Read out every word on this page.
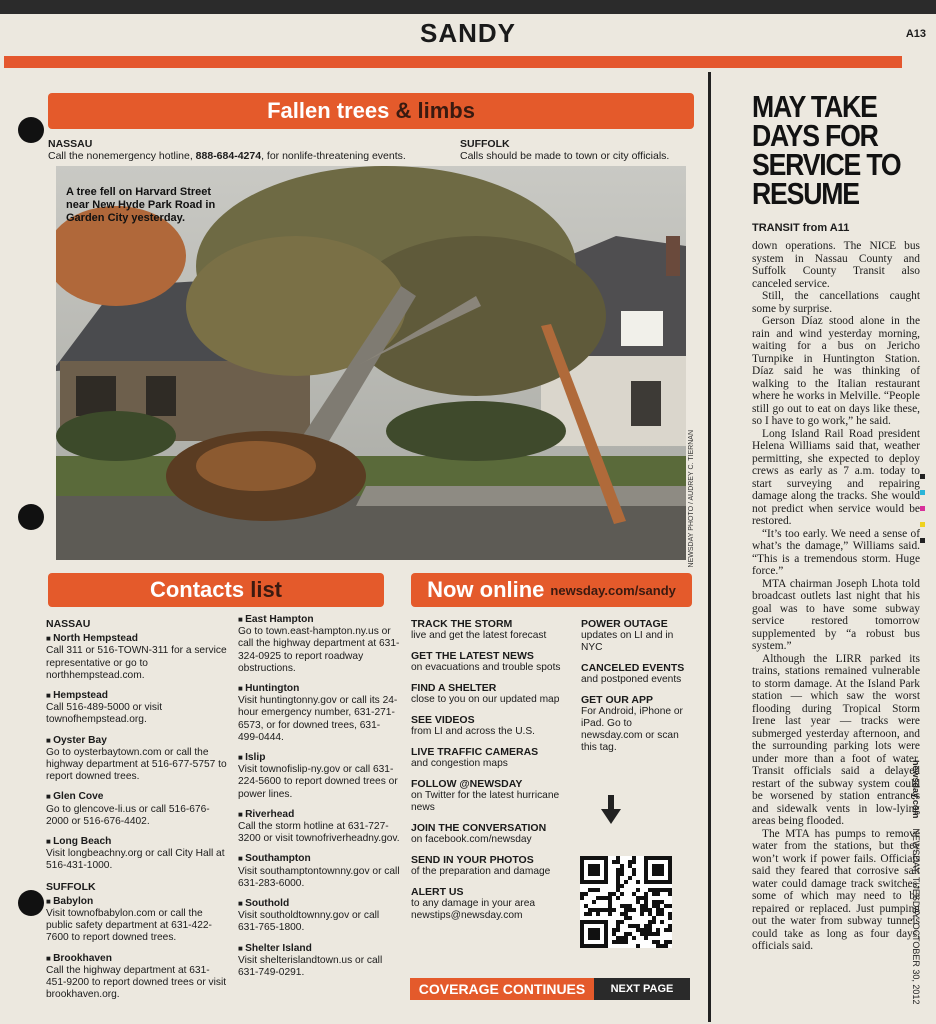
SANDY	A13
Fallen trees
& limbs
NASSAU
Call the nonemergency hotline, 888-684-4274, for nonlife-threatening events.
SUFFOLK
Calls should be made to town or city officials.
A tree fell on Harvard Street near New Hyde Park Road in Garden City yesterday.
NEWSDAY PHOTO / AUDREY C. TIERNAN
Contacts
list
NASSAU
■ North Hempstead
Call 311 or 516-TOWN-311 for a service representative or go to northhempstead.com.
■ Hempstead
Call 516-489-5000 or visit townofhempstead.org.
■ Oyster Bay
Go to oysterbaytown.com or call the highway department at 516-677-5757 to report downed trees.
■ Glen Cove
Go to glencove-li.us or call 516-676-2000 or 516-676-4402.
■ Long Beach
Visit longbeachny.org or call City Hall at 516-431-1000.
SUFFOLK
■ Babylon
Visit townofbabylon.com or call the public safety department at 631-422-7600 to report downed trees.
■ Brookhaven
Call the highway department at 631-451-9200 to report downed trees or visit brookhaven.org.
■ East Hampton
Go to town.east-hampton.ny.us or call the highway department at 631-324-0925 to report roadway obstructions.
■ Huntington
Visit huntingtonny.gov or call its 24-hour emergency number, 631-271-6573, or for downed trees, 631-499-0444.
■ Islip
Visit townofislip-ny.gov or call 631-224-5600 to report downed trees or power lines.
■ Riverhead
Call the storm hotline at 631-727-3200 or visit townofriverheadny.gov.
■ Southampton
Visit southamptontownny.gov or call 631-283-6000.
■ Southold
Visit southoldtownny.gov or call 631-765-1800.
■ Shelter Island
Visit shelterislandtown.us or call 631-749-0291.
Now online newsday.com/sandy
TRACK THE STORM
live and get the latest forecast
GET THE LATEST NEWS
on evacuations and trouble spots
FIND A SHELTER
close to you on our updated map
SEE VIDEOS
from LI and across the U.S.
LIVE TRAFFIC CAMERAS
and congestion maps
FOLLOW @NEWSDAY
on Twitter for the latest hurricane news
JOIN THE CONVERSATION
on facebook.com/newsday
SEND IN YOUR PHOTOS
of the preparation and damage
ALERT US
to any damage in your area newstips@newsday.com
POWER OUTAGE
updates on LI and in NYC
CANCELED EVENTS
and postponed events
GET OUR APP
For Android, iPhone or iPad. Go to newsday.com or scan this tag.
COVERAGE CONTINUES	NEXT PAGE
MAY TAKE DAYS FOR SERVICE TO RESUME
TRANSIT from A11

down operations. The NICE bus system in Nassau County and Suffolk County Transit also canceled service.

Still, the cancellations caught some by surprise.

Gerson Díaz stood alone in the rain and wind yesterday morning, waiting for a bus on Jericho Turnpike in Huntington Station. Díaz said he was thinking of walking to the Italian restaurant where he works in Melville. “People still go out to eat on days like these, so I have to go work,” he said.

Long Island Rail Road president Helena Williams said that, weather permitting, she expected to deploy crews as early as 7 a.m. today to start surveying and repairing damage along the tracks. She would not predict when service would be restored.

“It’s too early. We need a sense of what’s the damage,” Williams said. “This is a tremendous storm. Huge force.”

MTA chairman Joseph Lhota told broadcast outlets last night that his goal was to have some subway service restored tomorrow supplemented by “a robust bus system.”

Although the LIRR parked its trains, stations remained vulnerable to storm damage. At the Island Park station — which saw the worst flooding during Tropical Storm Irene last year — tracks were submerged yesterday afternoon, and the surrounding parking lots were under more than a foot of water. Transit officials said a delayed restart of the subway system could be worsened by station entrances and sidewalk vents in low-lying areas being flooded.

The MTA has pumps to remove water from the stations, but they won’t work if power fails. Officials said they feared that corrosive salt water could damage track switches, some of which may need to be repaired or replaced. Just pumping out the water from subway tunnels could take as long as four days, officials said.

newsday.com    NEWSDAY, TUESDAY, OCTOBER 30, 2012
